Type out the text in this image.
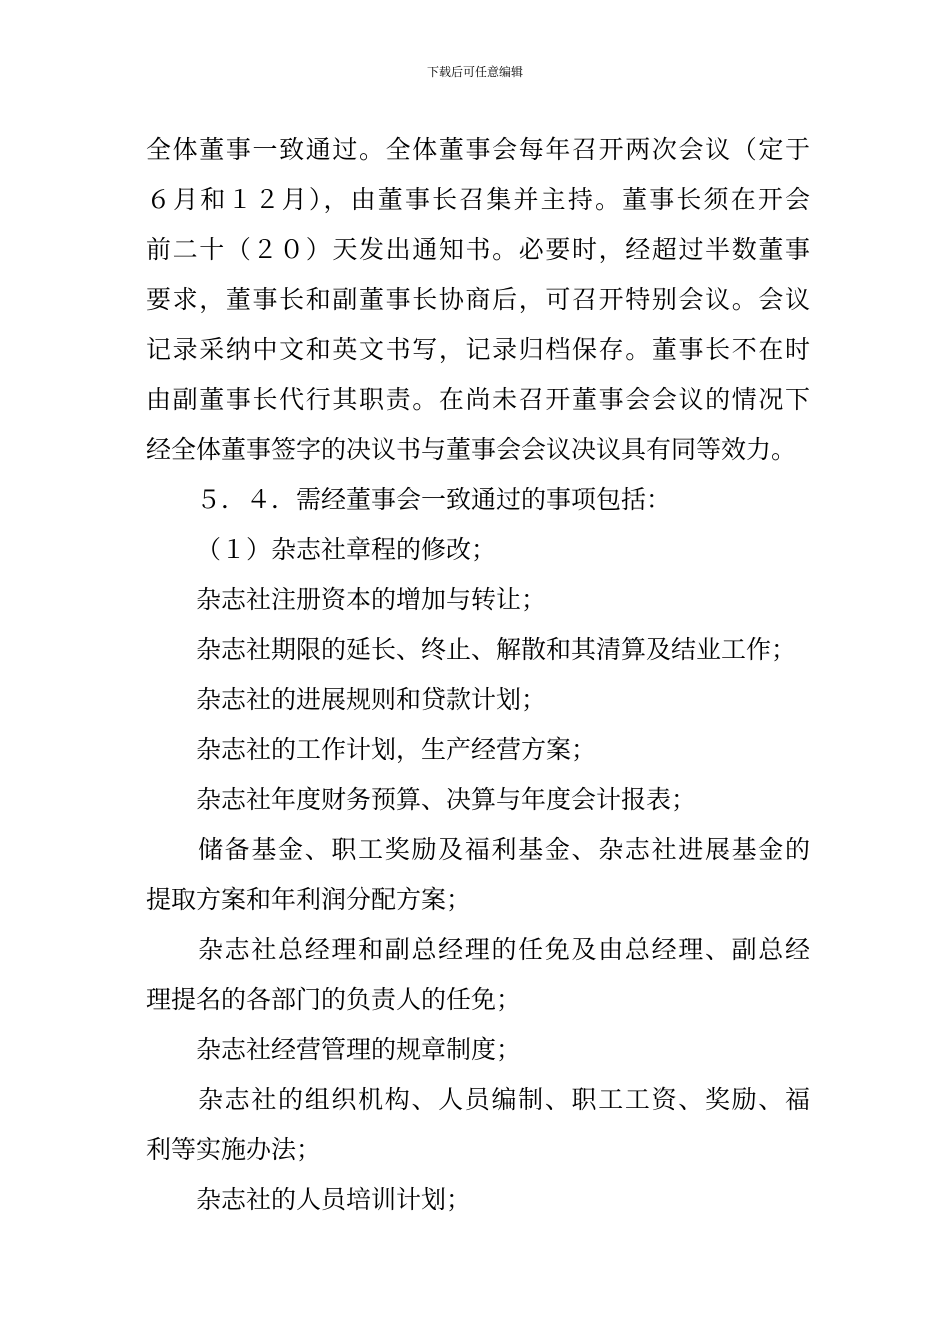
下载后可任意编辑
全体董事一致通过。全体董事会每年召开两次会议（定于
６月和１２月），由董事长召集并主持。董事长须在开会
前二十（２０）天发出通知书。必要时，经超过半数董事
要求，董事长和副董事长协商后，可召开特别会议。会议
记录采纳中文和英文书写，记录归档保存。董事长不在时
由副董事长代行其职责。在尚未召开董事会会议的情况下
经全体董事签字的决议书与董事会会议决议具有同等效力。
５．４．需经董事会一致通过的事项包括：
（１）杂志社章程的修改；
杂志社注册资本的增加与转让；
杂志社期限的延长、终止、解散和其清算及结业工作；
杂志社的进展规则和贷款计划；
杂志社的工作计划，生产经营方案；
杂志社年度财务预算、决算与年度会计报表；
储备基金、职工奖励及福利基金、杂志社进展基金的
提取方案和年利润分配方案；
杂志社总经理和副总经理的任免及由总经理、副总经
理提名的各部门的负责人的任免；
杂志社经营管理的规章制度；
杂志社的组织机构、人员编制、职工工资、奖励、福
利等实施办法；
杂志社的人员培训计划；
